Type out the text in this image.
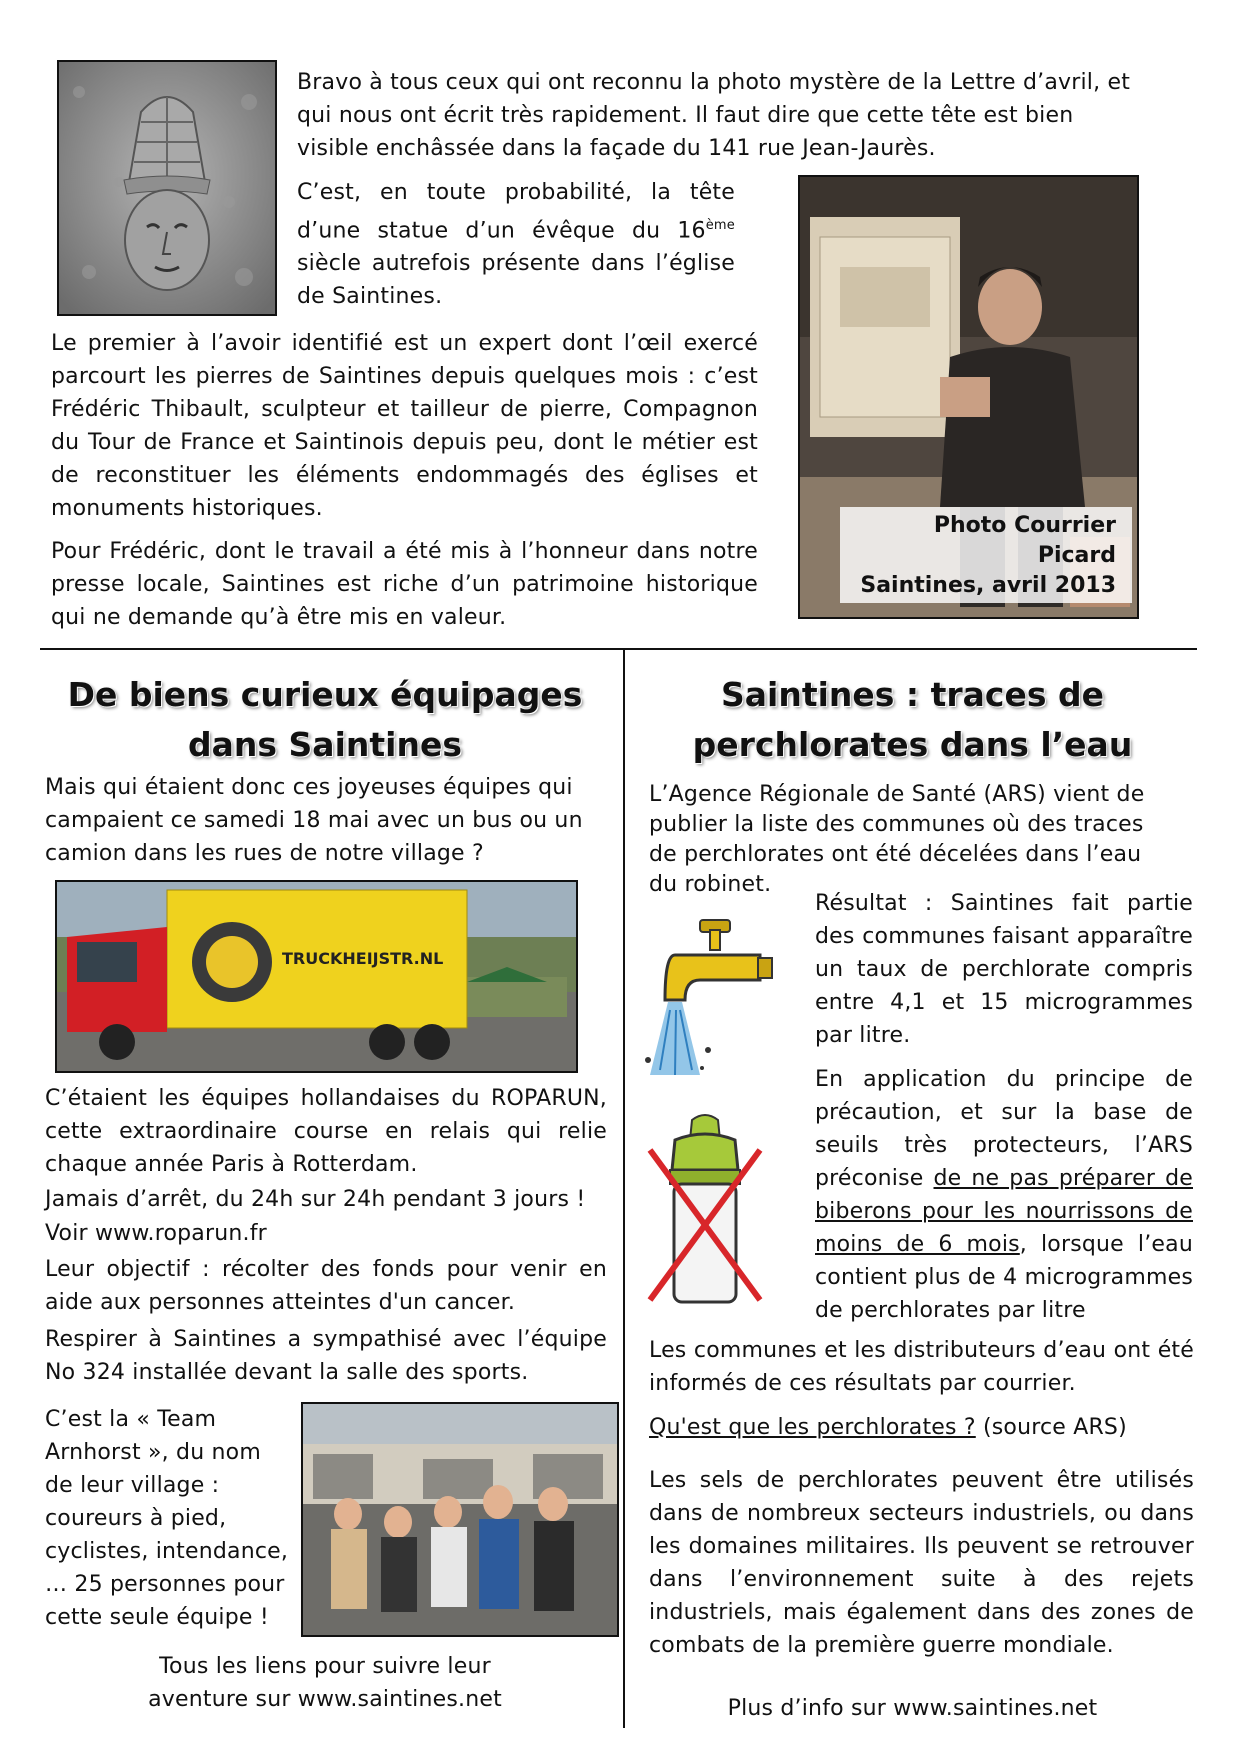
Bravo à tous ceux qui ont reconnu la photo mystère de la Lettre d’avril, et qui nous ont écrit très rapidement. Il faut dire que cette tête est bien visible enchâssée dans la façade du 141 rue Jean-Jaurès.

C’est, en toute probabilité, la tête d’une statue d’un évêque du 16ème siècle autrefois présente dans l’église de Saintines.

Photo Courrier Picard
Saintines, avril 2013

Le premier à l’avoir identifié est un expert dont l’œil exercé parcourt les pierres de Saintines depuis quelques mois : c’est Frédéric Thibault, sculpteur et tailleur de pierre, Compagnon du Tour de France et Saintinois depuis peu, dont le métier est de reconstituer les éléments endommagés des églises et monuments historiques.

Pour Frédéric, dont le travail a été mis à l’honneur dans notre presse locale, Saintines est riche d’un patrimoine historique qui ne demande qu’à être mis en valeur.

De biens curieux équipages
dans Saintines

Mais qui étaient donc ces joyeuses équipes qui campaient ce samedi 18 mai avec un bus ou un camion dans les rues de notre village ?

TRUCKHEIJSTR.NL

C’étaient les équipes hollandaises du ROPARUN, cette extraordinaire course en relais qui relie chaque année Paris à Rotterdam.

Jamais d’arrêt, du 24h sur 24h pendant 3 jours !

Voir www.roparun.fr

Leur objectif : récolter des fonds pour venir en aide aux personnes atteintes d'un cancer.

Respirer à Saintines a sympathisé avec l’équipe No 324 installée devant la salle des sports.

C’est la « Team Arnhorst », du nom de leur village : coureurs à pied, cyclistes, intendance, … 25 personnes pour cette seule équipe !

Tous les liens pour suivre leur
aventure sur www.saintines.net
Saintines : traces de
perchlorates dans l’eau

L’Agence Régionale de Santé (ARS) vient de publier la liste des communes où des traces de perchlorates ont été décelées dans l’eau du robinet.

Résultat : Saintines fait partie des communes faisant apparaître un taux de perchlorate compris entre 4,1 et 15 microgrammes par litre.

En application du principe de précaution, et sur la base de seuils très protecteurs, l’ARS préconise de ne pas préparer de biberons pour les nourrissons de moins de 6 mois, lorsque l’eau contient plus de 4 microgrammes de perchlorates par litre

Les communes et les distributeurs d’eau ont été informés de ces résultats par courrier.

Qu'est que les perchlorates ? (source ARS)

Les sels de perchlorates peuvent être utilisés dans de nombreux secteurs industriels, ou dans les domaines militaires. Ils peuvent se retrouver dans l’environnement suite à des rejets industriels, mais également dans des zones de combats de la première guerre mondiale.

Plus d’info sur www.saintines.net
